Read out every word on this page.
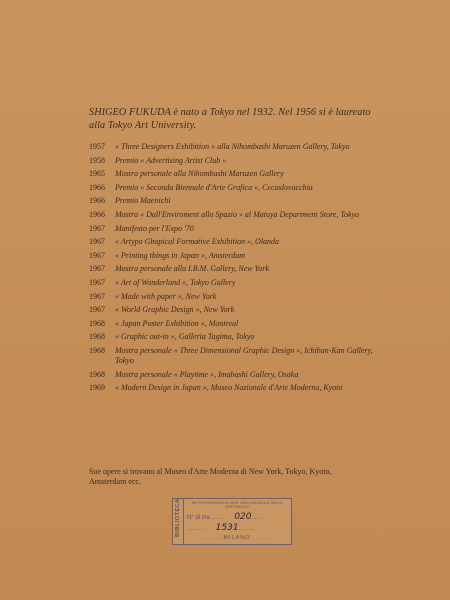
SHIGEO FUKUDA è nato a Tokyo nel 1932. Nel 1956 si è laureato alla Tokyo Art University.
1957	« Three Designers Exhibition » alla Nihombashi Maruzen Gallery, Tokyo
1958	Premio « Advertising Artist Club »
1965	Mostra personale alla Nihombashi Maruzen Gallery
1966	Premio « Seconda Biennale d'Arte Grafica », Cecoslovacchia
1966	Premio Maenichi
1966	Mostra « Dall'Enviroment allo Spazio » al Matuya Department Store, Tokyo
1967	Manifesto per l'Expo '70
1967	« Artypo Gbapical Formative Exhibition », Olanda
1967	« Printing things in Japan », Amsterdam
1967	Mostra personale alla I.B.M. Gallery, New York
1967	« Art of Wonderland », Tokyo Gallery
1967	« Made with paper », New York
1967	« World Graphic Design », New York
1968	« Japan Poster Exhibition », Montreal
1968	« Graphic out-in », Galleria Tagima, Tokyo
1968	Mostra personale « Three Dimensional Graphic Design », Ichiban-Kan Gallery, Tokyo
1968	Mostra personale « Playtime », Imabashi Gallery, Osaka
1969	« Modern Design in Japan », Museo Nazionale d'Arte Moderna, Kyoto
Sue opere si trovano al Museo d'Arte Moderna di New York, Tokyo, Kyoto, Amsterdam ecc.
BIBLIOTECA	DIP. DI STORIA DELLE ARTI, DELLA MUSICA E DELLO SPETTACOLO
N° di inv. ...... 020......
.......... 1531..........
..........MILANO..........
